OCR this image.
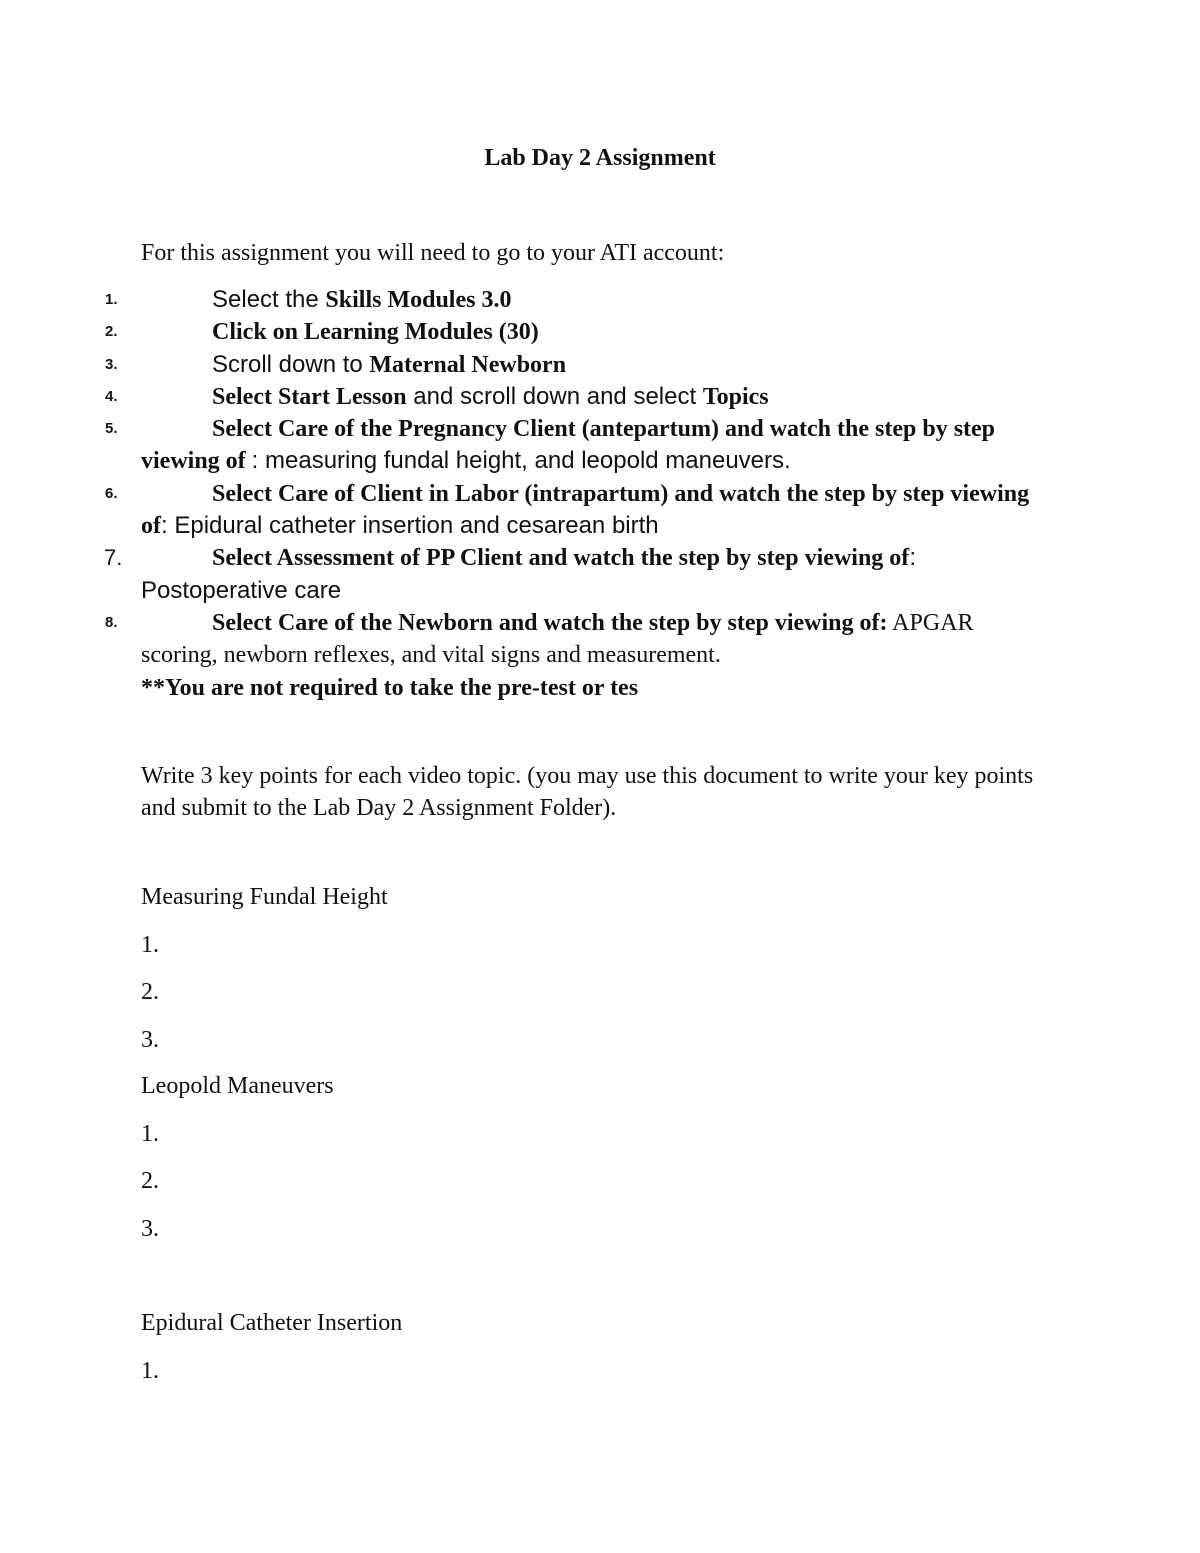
Lab Day 2 Assignment

For this assignment you will need to go to your ATI account:

1.	Select the Skills Modules 3.0
2.	Click on Learning Modules (30)
3.	Scroll down to Maternal Newborn
4.	Select Start Lesson and scroll down and select Topics
5.	Select Care of the Pregnancy Client (antepartum) and watch the step by step viewing of : measuring fundal height, and leopold maneuvers.
6.	Select Care of Client in Labor (intrapartum) and watch the step by step viewing of: Epidural catheter insertion and cesarean birth
7.	Select Assessment of PP Client and watch the step by step viewing of: Postoperative care
8.	Select Care of the Newborn and watch the step by step viewing of: APGAR scoring, newborn reflexes, and vital signs and measurement.

**You are not required to take the pre-test or tes

Write 3 key points for each video topic. (you may use this document to write your key points and submit to the Lab Day 2 Assignment Folder).

Measuring Fundal Height

1.

2.

3.

Leopold Maneuvers

1.

2.

3.

Epidural Catheter Insertion

1.
